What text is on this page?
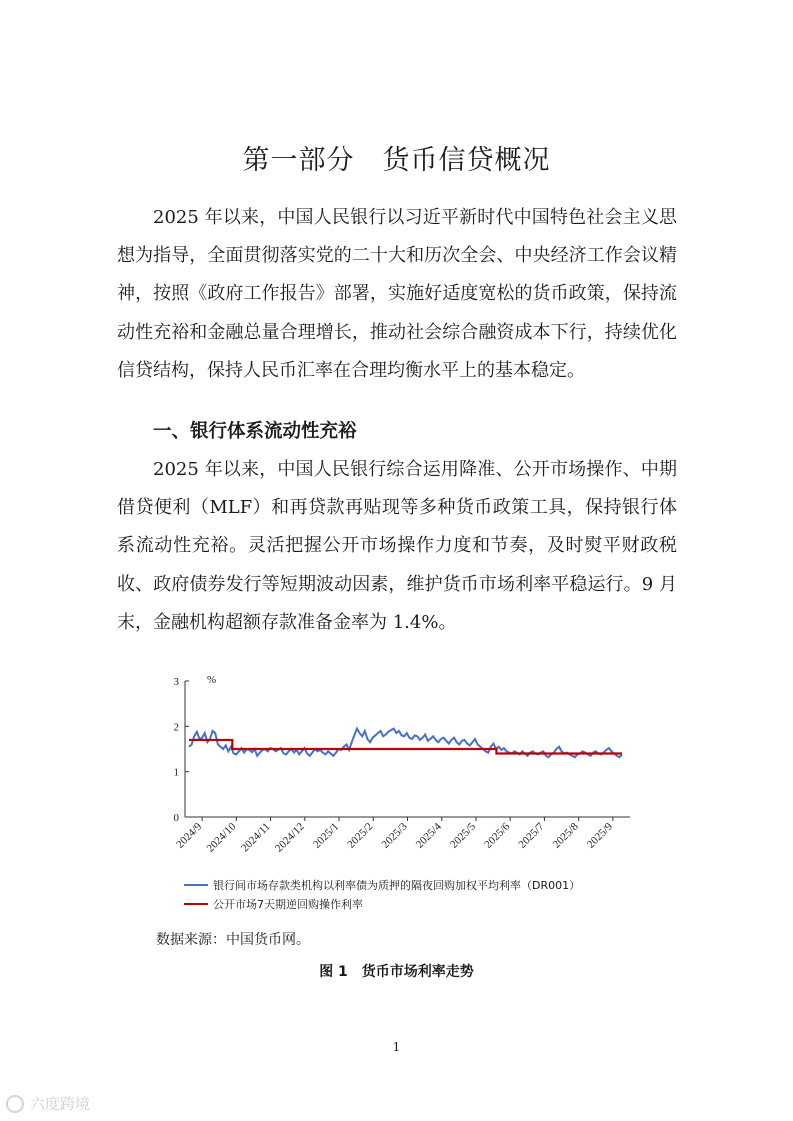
第一部分　货币信贷概况

2025 年以来，中国人民银行以习近平新时代中国特色社会主义思想为指导，全面贯彻落实党的二十大和历次全会、中央经济工作会议精神，按照《政府工作报告》部署，实施好适度宽松的货币政策，保持流动性充裕和金融总量合理增长，推动社会综合融资成本下行，持续优化信贷结构，保持人民币汇率在合理均衡水平上的基本稳定。

一、银行体系流动性充裕

2025 年以来，中国人民银行综合运用降准、公开市场操作、中期借贷便利（MLF）和再贷款再贴现等多种货币政策工具，保持银行体系流动性充裕。灵活把握公开市场操作力度和节奏，及时熨平财政税收、政府债券发行等短期波动因素，维护货币市场利率平稳运行。9 月末，金融机构超额存款准备金率为 1.4%。

0
1
2
3	%
2024/9 2024/10 2024/11 2024/12 2025/1 2025/2 2025/3 2025/4 2025/5 2025/6 2025/7 2025/8 2025/9
银行间市场存款类机构以利率债为质押的隔夜回购加权平均利率（DR001）
公开市场7天期逆回购操作利率
数据来源：中国货币网。
图 1　货币市场利率走势
1
六度跨境
